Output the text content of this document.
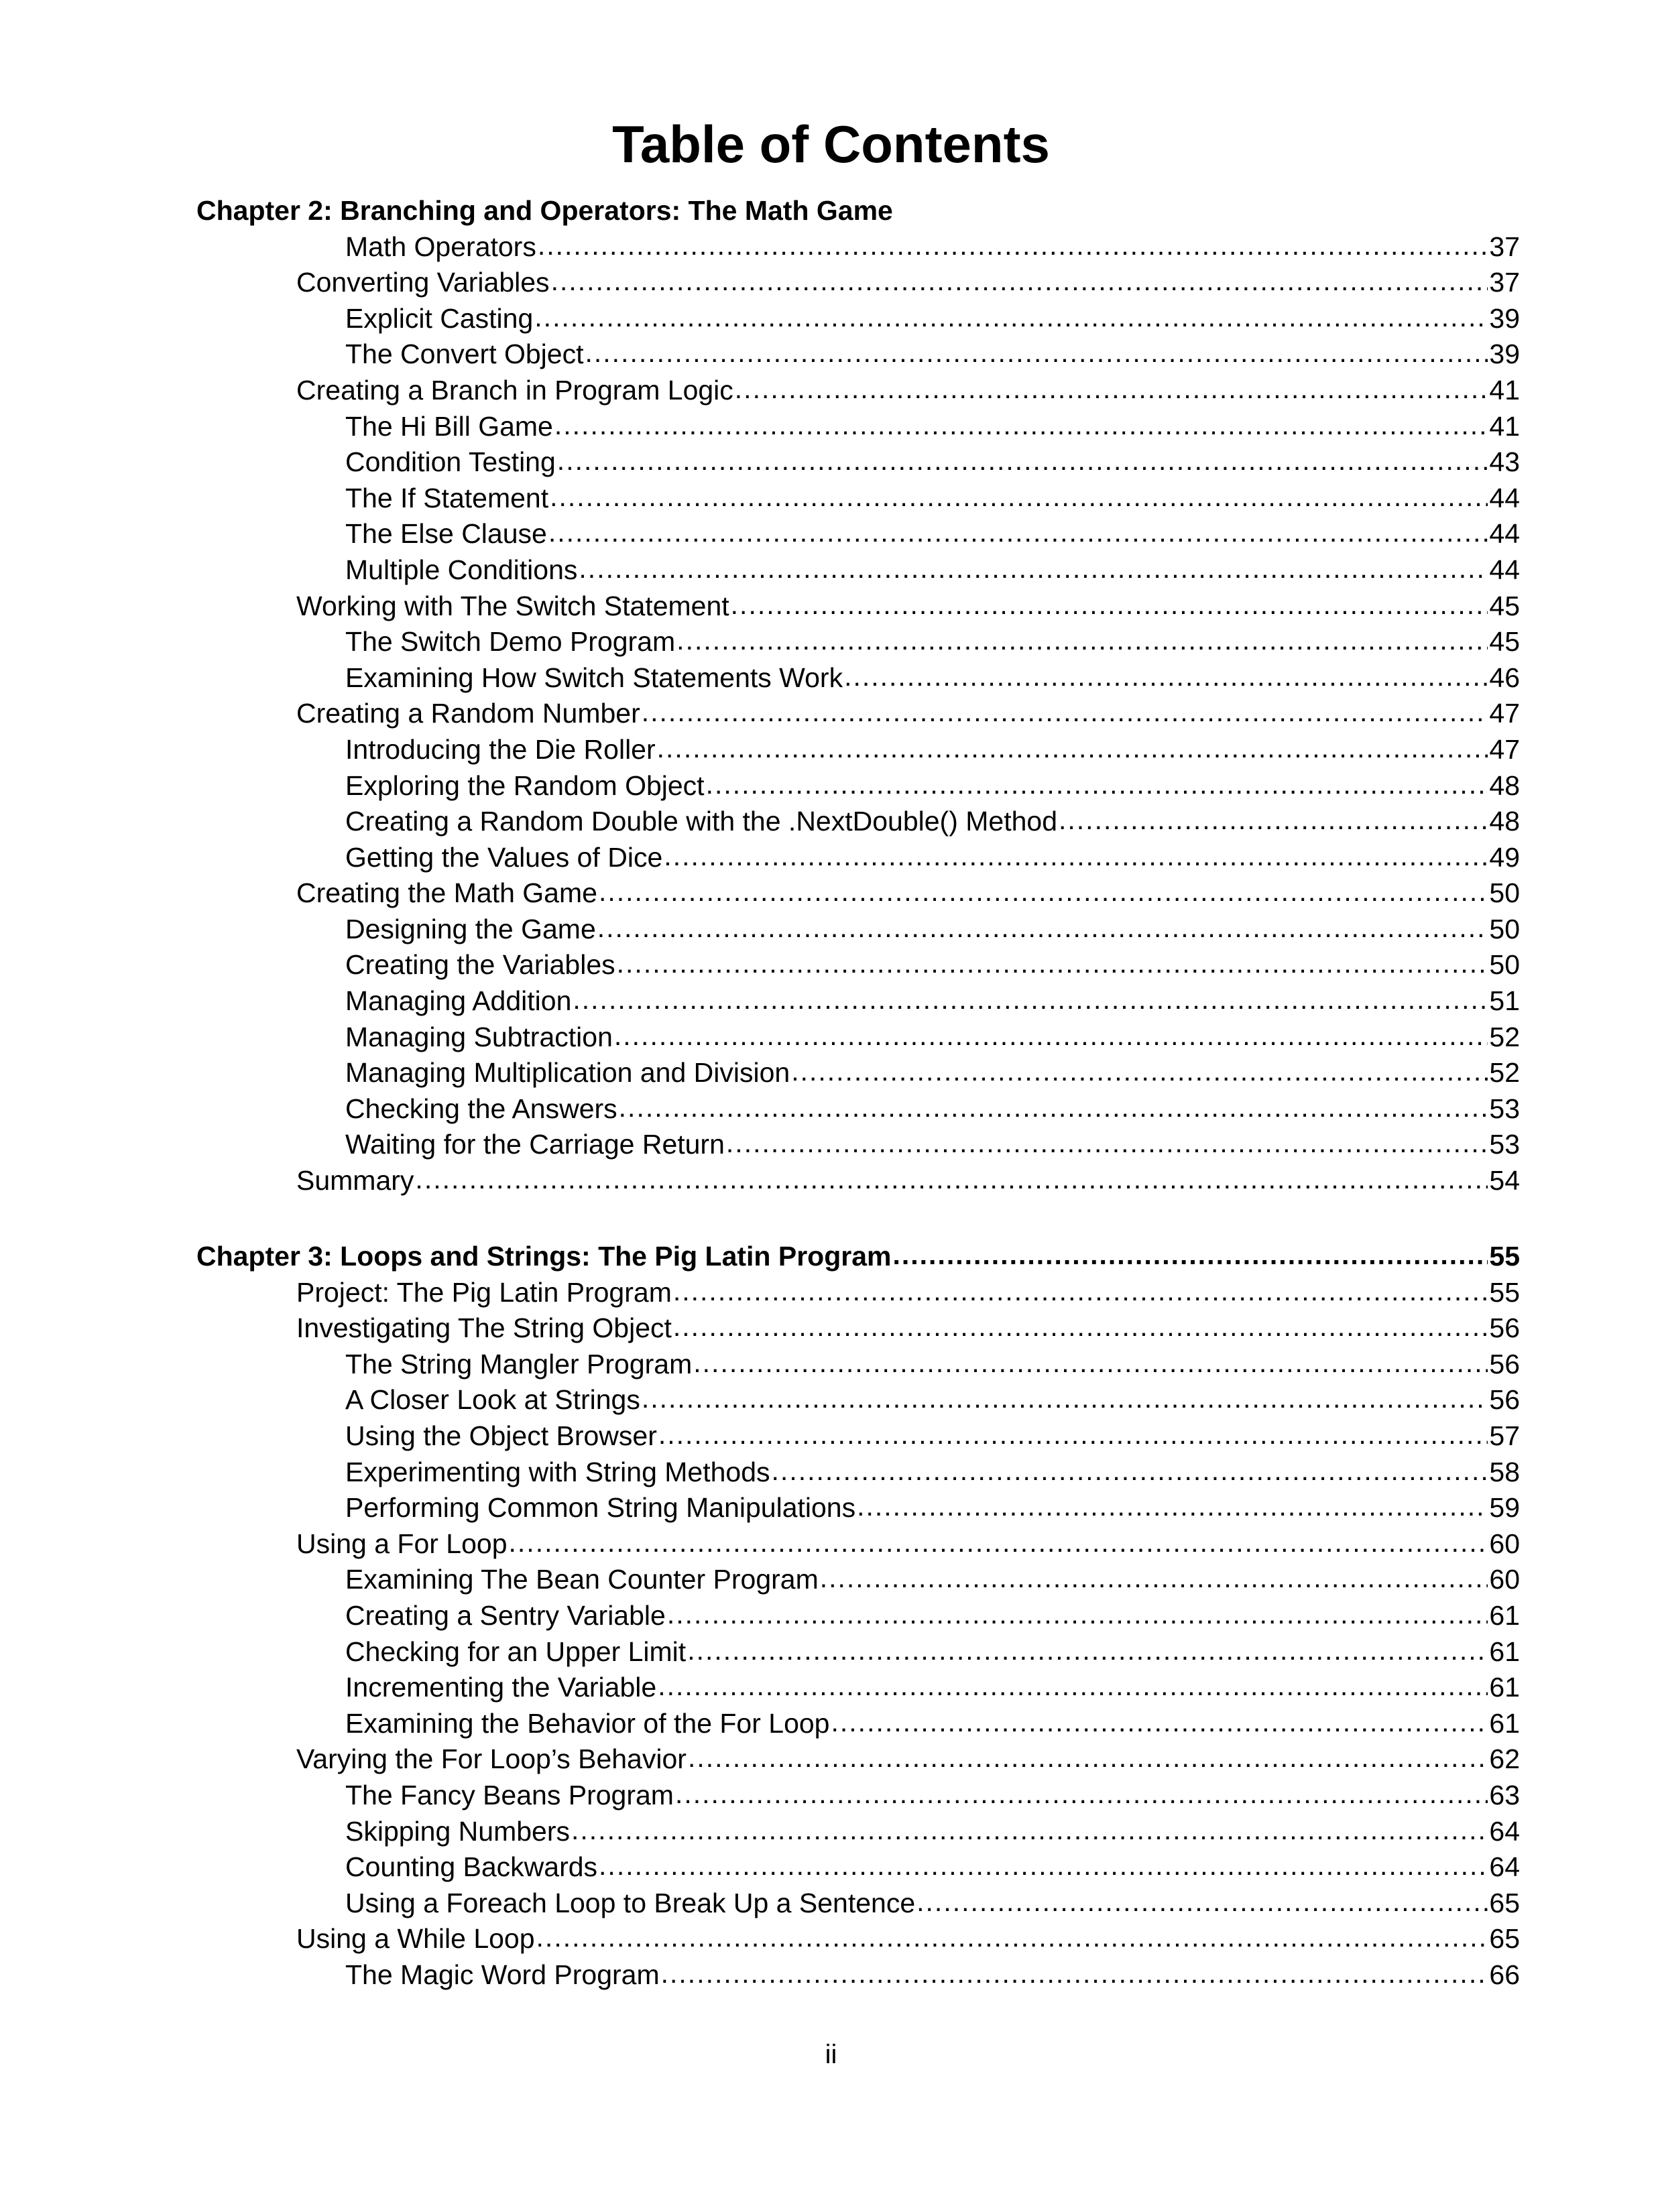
Table of Contents
Chapter 2: Branching and Operators: The Math Game
Math Operators .....	37
Converting Variables .....	37
Explicit Casting .....	39
The Convert Object .....	39
Creating a Branch in Program Logic .....	41
The Hi Bill Game .....	41
Condition Testing .....	43
The If Statement .....	44
The Else Clause .....	44
Multiple Conditions .....	44
Working with The Switch Statement .....	45
The Switch Demo Program .....	45
Examining How Switch Statements Work .....	46
Creating a Random Number .....	47
Introducing the Die Roller .....	47
Exploring the Random Object .....	48
Creating a Random Double with the .NextDouble() Method .....	48
Getting the Values of Dice .....	49
Creating the Math Game .....	50
Designing the Game .....	50
Creating the Variables .....	50
Managing Addition .....	51
Managing Subtraction .....	52
Managing Multiplication and Division .....	52
Checking the Answers .....	53
Waiting for the Carriage Return .....	53
Summary .....	54
Chapter 3: Loops and Strings: The Pig Latin Program .....	55
Project: The Pig Latin Program .....	55
Investigating The String Object .....	56
The String Mangler Program .....	56
A Closer Look at Strings .....	56
Using the Object Browser .....	57
Experimenting with String Methods .....	58
Performing Common String Manipulations .....	59
Using a For Loop .....	60
Examining The Bean Counter Program .....	60
Creating a Sentry Variable .....	61
Checking for an Upper Limit .....	61
Incrementing the Variable .....	61
Examining the Behavior of the For Loop .....	61
Varying the For Loop’s Behavior .....	62
The Fancy Beans Program .....	63
Skipping Numbers .....	64
Counting Backwards .....	64
Using a Foreach Loop to Break Up a Sentence .....	65
Using a While Loop .....	65
The Magic Word Program .....	66
ii
